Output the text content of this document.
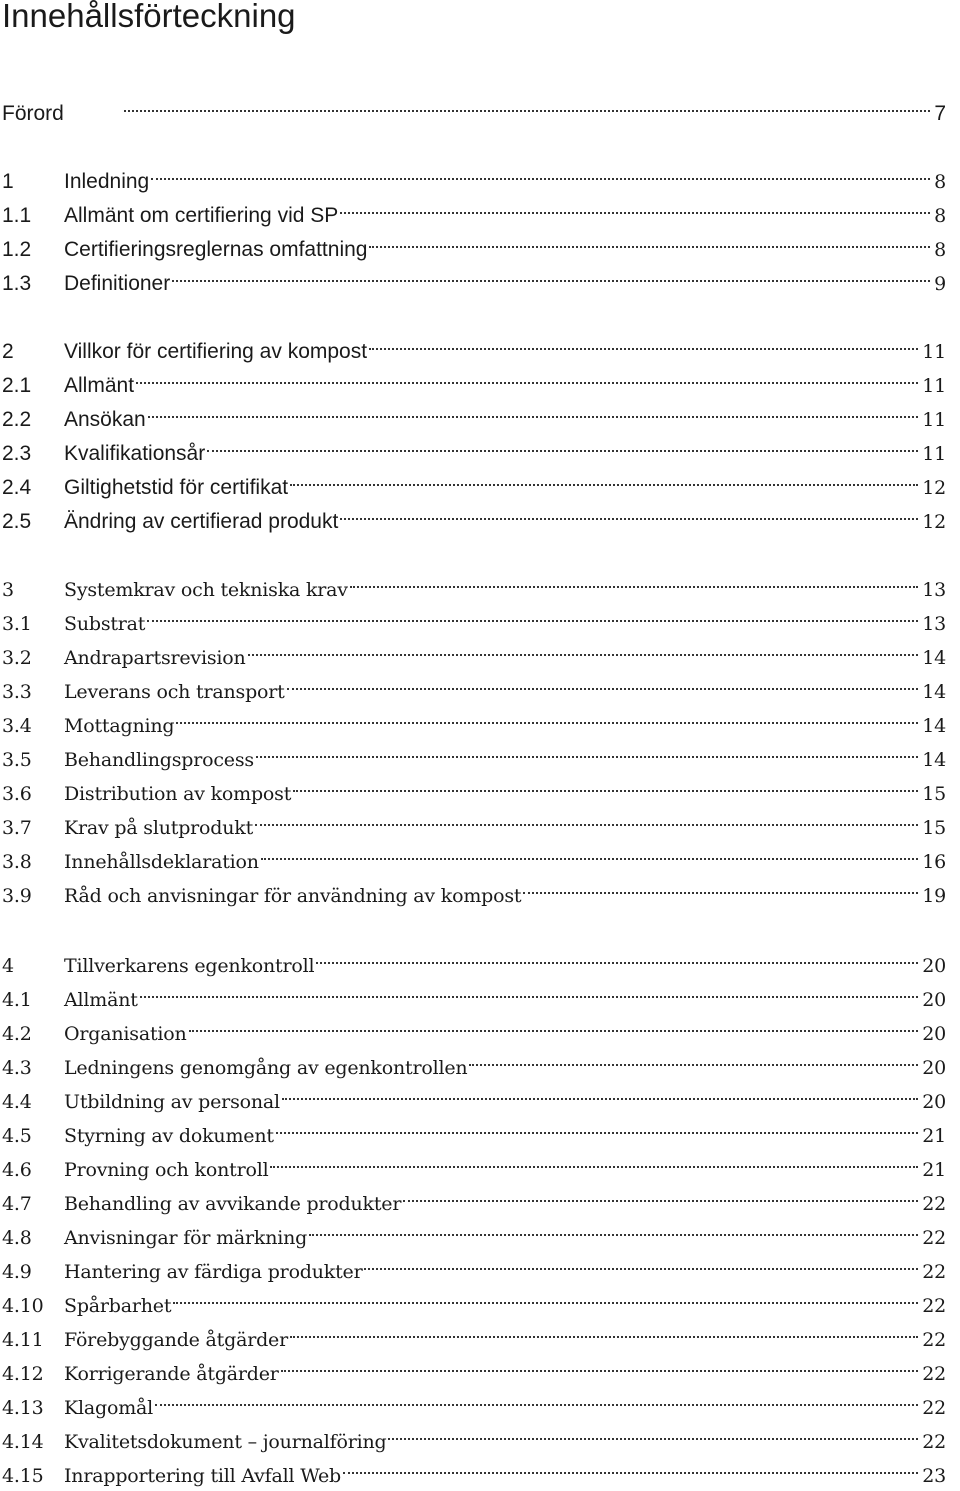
Innehållsförteckning
Förord	7
1	Inledning	8
1.1	Allmänt om certifiering vid SP	8
1.2	Certifieringsreglernas omfattning	8
1.3	Definitioner	9
2	Villkor för certifiering av kompost	11
2.1	Allmänt	11
2.2	Ansökan	11
2.3	Kvalifikationsår	11
2.4	Giltighetstid för certifikat	12
2.5	Ändring av certifierad produkt	12
3	Systemkrav och tekniska krav	13
3.1	Substrat	13
3.2	Andrapartsrevision	14
3.3	Leverans och transport	14
3.4	Mottagning	14
3.5	Behandlingsprocess	14
3.6	Distribution av kompost	15
3.7	Krav på slutprodukt	15
3.8	Innehållsdeklaration	16
3.9	Råd och anvisningar för användning av kompost	19
4	Tillverkarens egenkontroll	20
4.1	Allmänt	20
4.2	Organisation	20
4.3	Ledningens genomgång av egenkontrollen	20
4.4	Utbildning av personal	20
4.5	Styrning av dokument	21
4.6	Provning och kontroll	21
4.7	Behandling av avvikande produkter	22
4.8	Anvisningar för märkning	22
4.9	Hantering av färdiga produkter	22
4.10	Spårbarhet	22
4.11	Förebyggande åtgärder	22
4.12	Korrigerande åtgärder	22
4.13	Klagomål	22
4.14	Kvalitetsdokument – journalföring	22
4.15	Inrapportering till Avfall Web	23
